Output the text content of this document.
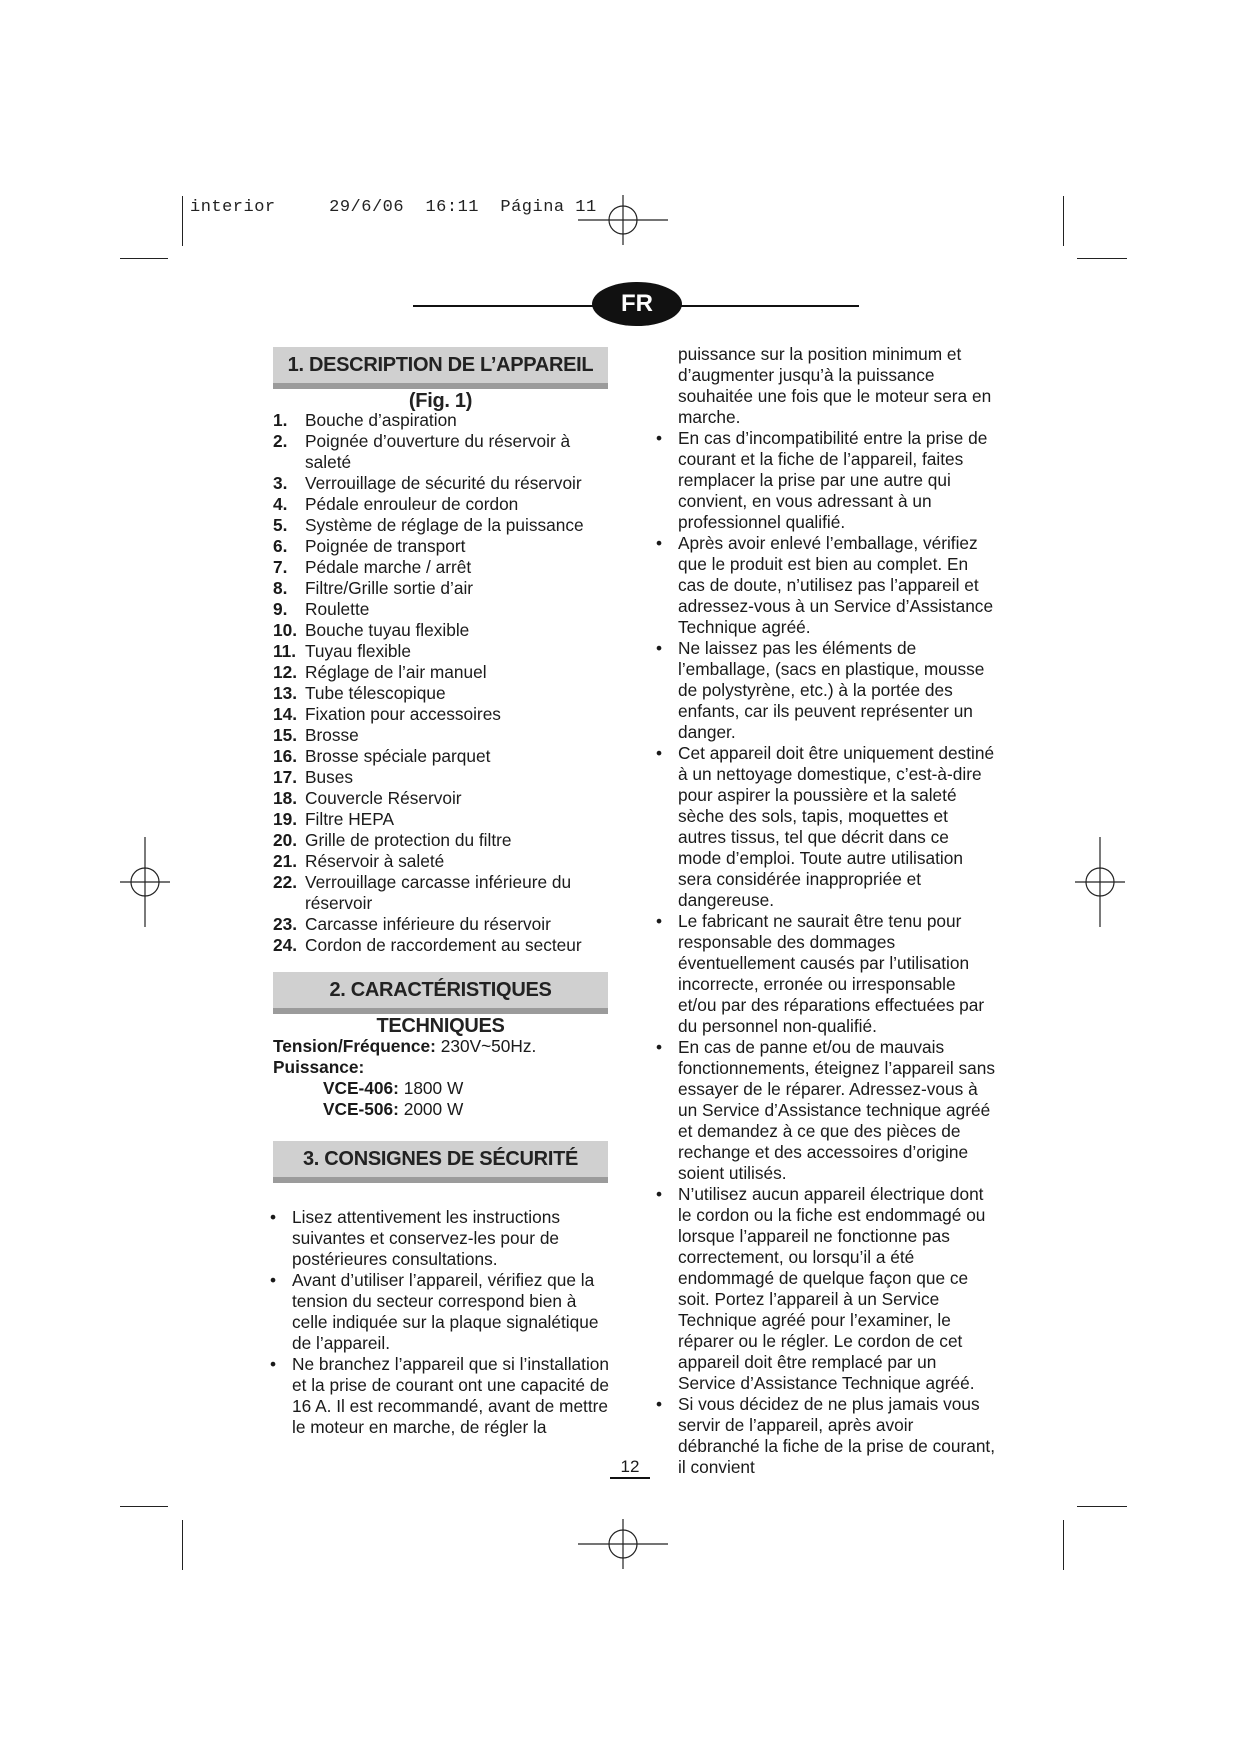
interior	29/6/06 16:11 Página 11
FR
1. DESCRIPTION DE L’APPAREIL (Fig. 1)
1.	Bouche d’aspiration
2.	Poignée d’ouverture du réservoir à saleté
3.	Verrouillage de sécurité du réservoir
4.	Pédale enrouleur de cordon
5.	Système de réglage de la puissance
6.	Poignée de transport
7.	Pédale marche / arrêt
8.	Filtre/Grille sortie d’air
9.	Roulette
10. Bouche tuyau flexible
11. Tuyau flexible
12. Réglage de l’air manuel
13. Tube télescopique
14. Fixation pour accessoires
15. Brosse
16. Brosse spéciale parquet
17. Buses
18. Couvercle Réservoir
19. Filtre HEPA
20. Grille de protection du filtre
21. Réservoir à saleté
22. Verrouillage carcasse inférieure du réservoir
23. Carcasse inférieure du réservoir
24. Cordon de raccordement au secteur
2. CARACTÉRISTIQUES TECHNIQUES
Tension/Fréquence: 230V~50Hz.
Puissance:
VCE-406: 1800 W
VCE-506: 2000 W
3. CONSIGNES DE SÉCURITÉ
• Lisez attentivement les instructions suivantes et conservez-les pour de postérieures consultations.
• Avant d’utiliser l’appareil, vérifiez que la tension du secteur correspond bien à celle indiquée sur la plaque signalétique de l’appareil.
• Ne branchez l’appareil que si l’installation et la prise de courant ont une capacité de 16 A. Il est recommandé, avant de mettre le moteur en marche, de régler la
puissance sur la position minimum et d’augmenter jusqu’à la puissance souhaitée une fois que le moteur sera en marche.
• En cas d’incompatibilité entre la prise de courant et la fiche de l’appareil, faites remplacer la prise par une autre qui convient, en vous adressant à un professionnel qualifié.
• Après avoir enlevé l’emballage, vérifiez que le produit est bien au complet. En cas de doute, n’utilisez pas l’appareil et adressez-vous à un Service d’Assistance Technique agréé.
• Ne laissez pas les éléments de l’emballage, (sacs en plastique, mousse de polystyrène, etc.) à la portée des enfants, car ils peuvent représenter un danger.
• Cet appareil doit être uniquement destiné à un nettoyage domestique, c’est-à-dire pour aspirer la poussière et la saleté sèche des sols, tapis, moquettes et autres tissus, tel que décrit dans ce mode d’emploi. Toute autre utilisation sera considérée inappropriée et dangereuse.
• Le fabricant ne saurait être tenu pour responsable des dommages éventuellement causés par l’utilisation incorrecte, erronée ou irresponsable et/ou par des réparations effectuées par du personnel non-qualifié.
• En cas de panne et/ou de mauvais fonctionnements, éteignez l’appareil sans essayer de le réparer. Adressez-vous à un Service d’Assistance technique agréé et demandez à ce que des pièces de rechange et des accessoires d’origine soient utilisés.
• N’utilisez aucun appareil électrique dont le cordon ou la fiche est endommagé ou lorsque l’appareil ne fonctionne pas correctement, ou lorsqu’il a été endommagé de quelque façon que ce soit. Portez l’appareil à un Service Technique agréé pour l’examiner, le réparer ou le régler. Le cordon de cet appareil doit être remplacé par un Service d’Assistance Technique agréé.
• Si vous décidez de ne plus jamais vous servir de l’appareil, après avoir débranché la fiche de la prise de courant, il convient
12
